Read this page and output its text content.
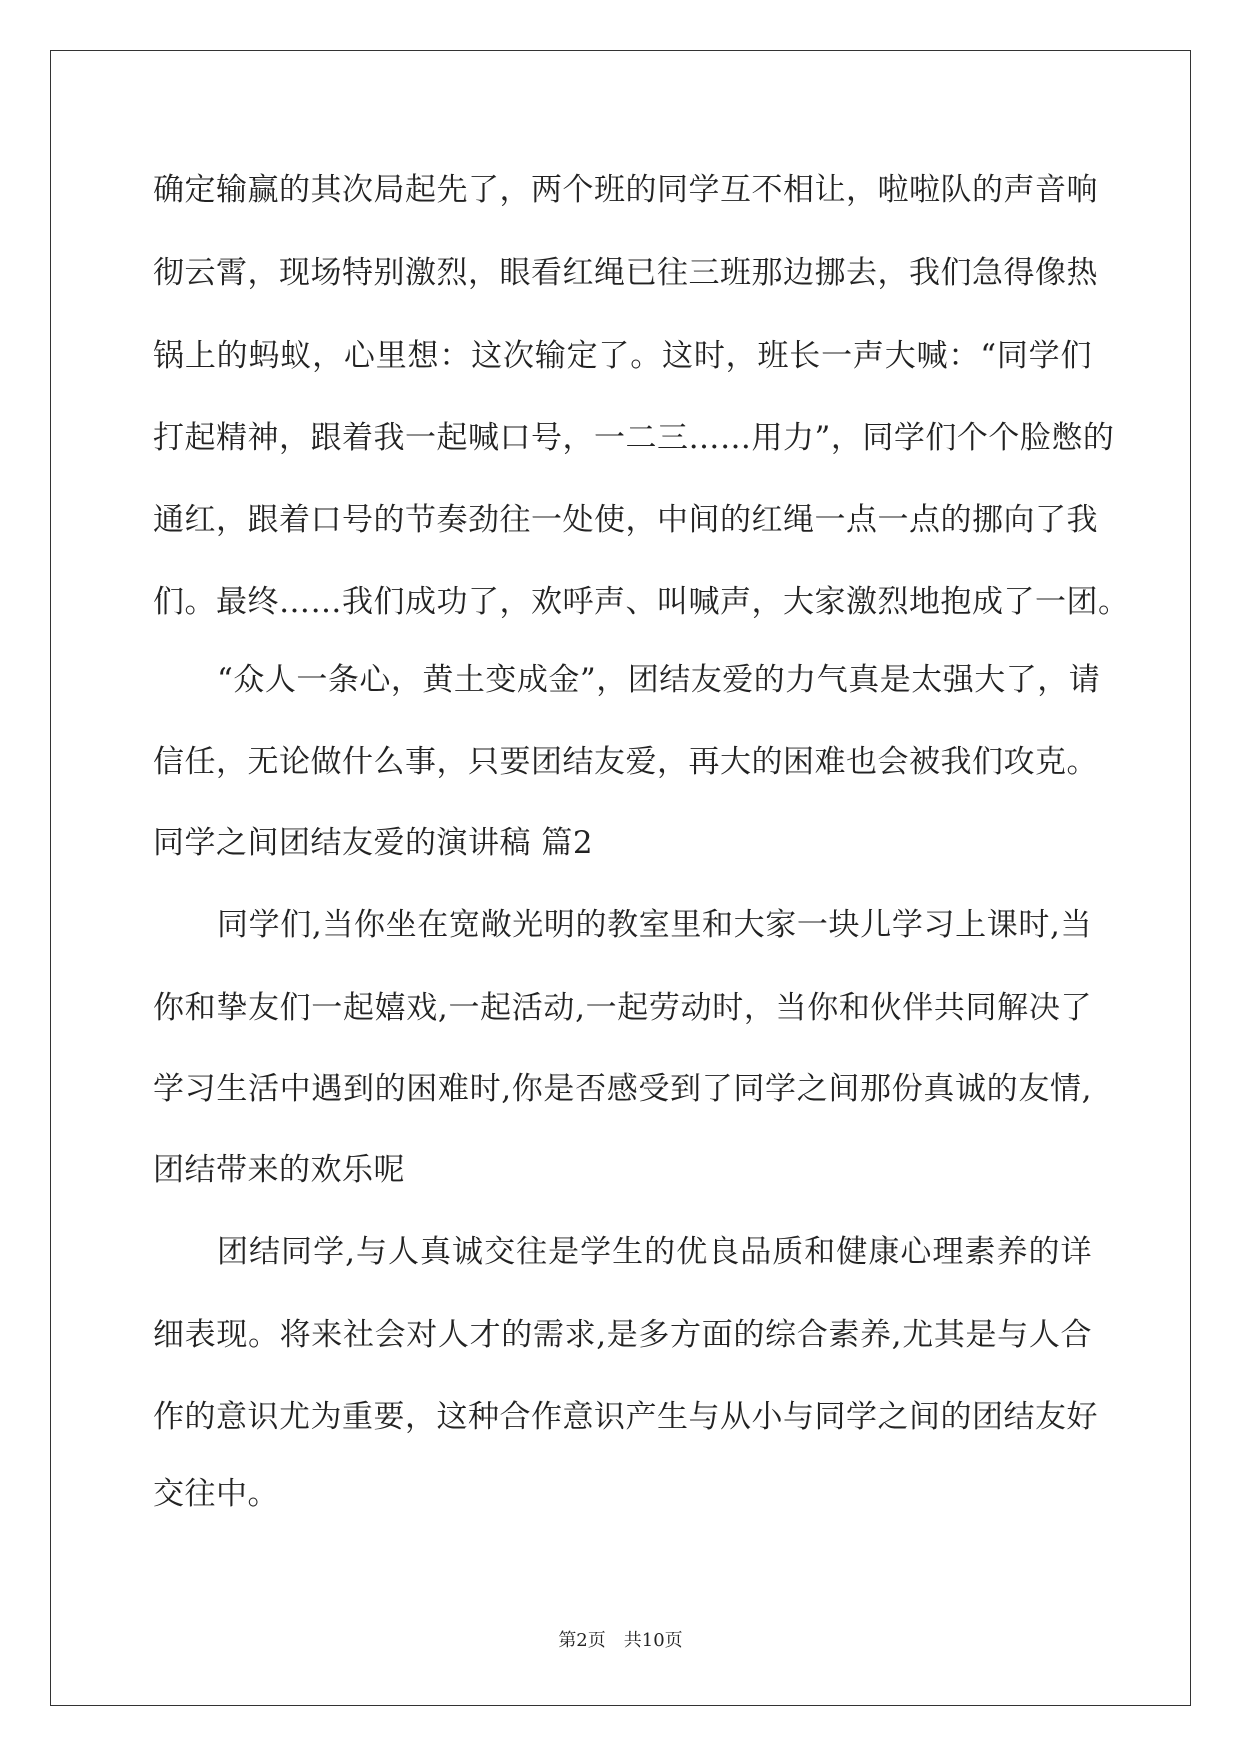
确定输赢的其次局起先了，两个班的同学互不相让，啦啦队的声音响
彻云霄，现场特别激烈，眼看红绳已往三班那边挪去，我们急得像热
锅上的蚂蚁，心里想：这次输定了。这时，班长一声大喊：“同学们
打起精神，跟着我一起喊口号，一二三……用力”，同学们个个脸憋的
通红，跟着口号的节奏劲往一处使，中间的红绳一点一点的挪向了我
们。最终……我们成功了，欢呼声、叫喊声，大家激烈地抱成了一团。
“众人一条心，黄土变成金”，团结友爱的力气真是太强大了，请
信任，无论做什么事，只要团结友爱，再大的困难也会被我们攻克。
同学之间团结友爱的演讲稿 篇2
同学们,当你坐在宽敞光明的教室里和大家一块儿学习上课时,当
你和挚友们一起嬉戏,一起活动,一起劳动时，当你和伙伴共同解决了
学习生活中遇到的困难时,你是否感受到了同学之间那份真诚的友情,
团结带来的欢乐呢
团结同学,与人真诚交往是学生的优良品质和健康心理素养的详
细表现。将来社会对人才的需求,是多方面的综合素养,尤其是与人合
作的意识尤为重要，这种合作意识产生与从小与同学之间的团结友好
交往中。
第2页　共10页
